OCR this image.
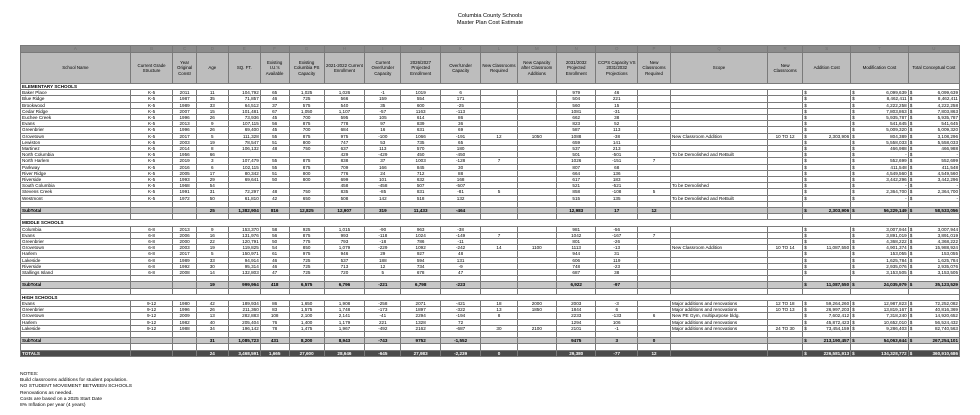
Columbia County Schools
Master Plan Cost Estimate
A	B	C	D	E	F	G	H	I	J	K	L	M	N	O	P	Q	R	S	T	U
School Name	Current Grade Structure	Year Original Constr	Age	SQ. FT.	Existing I.U.'s Available	Existing Columbia PS Capacity	2021-2022 Current Enrollment	Current Over/Under Capacity	2026/2027 Projected Enrollment	Over/Under Capacity	New Classrooms Required	New Capacity after Classroom Additions	2031/2032 Projected Enrollment	CCPS Capacity VS 2031/2032 Projections	New Classrooms Required	Scope	New Classrooms	Addition Cost	Modification Cost	Total Conceptual Cost
ELEMENTARY SCHOOLS																				
Baker Place	K-5	2011	11	104,792	65	1,025	1,026	-1	1019	6			979	46				$	$ 6,099,639	$ 6,099,639

Blue Ridge	K-5	1987	35	71,857	46	725	566	159	554	171			504	221				$	$ 8,462,411	$ 8,462,411

Brookwood	K-5	1989	33	64,512	37	575	540	35	600	-25			560	15				$	$ 4,222,258	$ 4,222,258

Cedar Ridge	K-5	2007	15	101,481	67	1,050	1,107	-57	1163	-113			1081	-31				$	$ 7,803,863	$ 7,803,863

Euchee Creek	K-5	1996	26	73,936	45	700	595	105	614	86			662	38				$	$ 5,935,787	$ 5,935,787

Evans	K-5	2013	9	107,115	56	875	778	97	839	36			823	52				$	$ 541,645	$ 541,645

Greenbrier	K-5	1996	26	69,400	45	700	684	16	631	69			587	113				$	$ 5,009,320	$ 5,009,320

Grovetown	K-5	2017	5	111,328	55	875	975	-100	1066	-191	12	1050	1088	-38		New Classroom Addition	10 TO 12	$ 2,303,906	$ 804,389	$ 3,108,296

Lewiston	K-5	2003	19	78,547	51	800	747	53	735	65			659	141				$	$ 5,558,033	$ 5,558,033

Martinez	K-5	2014	8	106,132	48	750	637	113	570	180			537	213				$	$ 466,988	$ 466,988

North Columbia	K-5	1956	66				429	-429	450	-450			501	-501		To be Demolished and ReBuilt		$	$ -	$ -

North Harlem	K-5	2019	3	107,479	55	875	838	37	1003	-128	7		1026	-151	7			$	$ 552,699	$ 552,699

Parkway	K-5	2016	6	102,115	55	875	709	166	845	30			807	68				$	$ 411,548	$ 411,548

River Ridge	K-5	2005	17	80,342	51	800	776	24	712	88			664	136				$	$ 4,549,560	$ 4,549,560

Riverside	K-5	1993	29	69,641	50	800	699	101	632	168			617	183				$	$ 3,442,296	$ 3,442,296

South Columbia	K-5	1968	54				458	-458	507	-507			521	-521		To be Demolished		$	$ -	$ -

Stevens Creek	K-5	1991	31	72,297	48	750	835	-85	831	-81	5		858	-108	5			$	$ 2,364,700	$ 2,364,700

Westmont	K-5	1972	50	61,810	42	650	508	142	518	132			515	135		To be Demolished and ReBuilt		$	$ -	$ -

SubTotal			25	1,382,904	816	12,825	12,907	319	11,433	-464			12,983	17	12			$ 2,303,906	$ 56,229,149	$ 58,533,056

MIDDLE SCHOOLS																				
Columbia	6-8	2013	9	153,370	58	925	1,015	-90	963	-38			981	-56				$	$ 3,007,944	$ 3,007,944

Evans	6-8	2006	16	131,976	56	875	993	-118	1024	-149	7		1042	-167	7			$	$ 3,891,019	$ 3,891,019

Greenbrier	6-8	2000	22	120,791	50	775	793	-18	786	-11			801	-26				$	$ 4,368,222	$ 4,368,222

Grovetown	6-8	2003	19	119,825	54	850	1,079	-229	1092	-242	14	1100	1113	-13		New Classroom Addition	10 TO 14	$ 11,087,550	$ 4,901,374	$ 15,988,924

Harlem	6-8	2017	5	150,971	61	975	946	29	927	48			944	31				$	$ 153,055	$ 153,055

Lakeside	6-8	1989	33	94,914	46	725	537	188	594	131			606	119				$	$ 1,625,784	$ 1,625,784

Riverside	6-8	1992	30	95,314	46	725	713	12	734	-9			748	-23				$	$ 2,935,076	$ 2,935,076

Stallings Island	6-8	2008	14	132,803	47	725	720	5	678	47			687	38				$	$ 3,153,505	$ 3,153,505

SubTotal			19	999,964	418	6,575	6,796	-221	6,798	-223			6,922	-97				$ 11,087,550	$ 24,035,979	$ 35,123,529

HIGH SCHOOLS																				
Evans	9-12	1980	42	189,934	86	1,650	1,908	-258	2071	-421	18	2000	2003	-3		Major additions and renovations	12 TO 18	$ 59,264,260	$ 12,987,823	$ 72,252,082

Greenbrier	9-12	1996	26	211,360	83	1,575	1,748	-173	1897	-322	13	1850	1844	6		Major additions and renovations	10 TO 13	$ 26,997,203	$ 13,819,167	$ 40,816,369

Grovetown	9-12	2009	13	282,883	108	2,100	2,141	-41	2294	-194	8		2233	-133	6	New PE Gym, multipurpose bldg.		$ 7,602,412	$ 7,318,240	$ 14,920,652

Harlem	9-12	1982	40	205,404	76	1,400	1,179	221	1328	72			1294	106		Major additions and renovations		$ 45,872,423	$ 10,652,010	$ 56,524,432

Lakeside	9-12	1988	34	196,142	78	1,475	1,967	-492	2162	-687	30	2100	2101	-1		Major additions and renovations	24 TO 30	$ 73,454,159	$ 9,286,403	$ 82,740,563

SubTotal			31	1,085,723	431	8,200	8,943	-743	9752	-1,552			9475	3	0			$ 213,190,457	$ 54,063,644	$ 267,254,101

TOTALS			24	3,468,591	1,665	27,600	28,646	-645	27,983	-2,239	0		29,380	-77	12			$ 226,581,913	$ 134,328,772	$ 360,910,686
NOTES:
Build classrooms additions for student population.
NO STUDENT MOVEMENT BETWEEN SCHOOLS
Renovations as needed.
Costs are based on a 2025 Start Date
8% Inflation per year (4 years)
